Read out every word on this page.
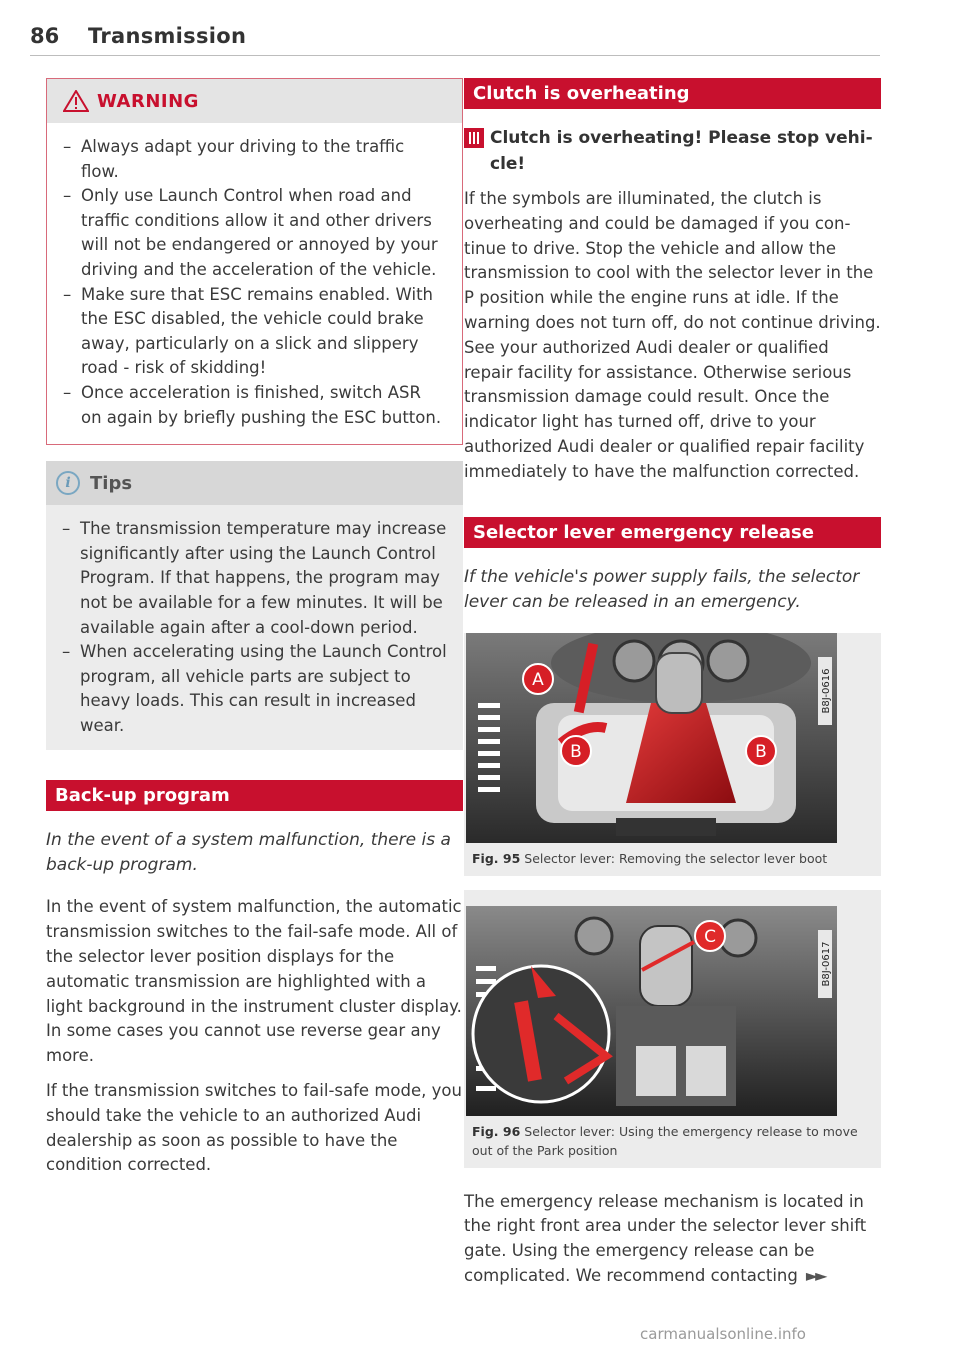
86 Transmission
WARNING
– Always adapt your driving to the traffic flow.
– Only use Launch Control when road and traffic conditions allow it and other drivers will not be endangered or annoyed by your driving and the acceleration of the vehicle.
– Make sure that ESC remains enabled. With the ESC disabled, the vehicle could brake away, particularly on a slick and slippery road - risk of skidding!
– Once acceleration is finished, switch ASR on again by briefly pushing the ESC button.
i	Tips
– The transmission temperature may increase significantly after using the Launch Control Program. If that happens, the program may not be available for a few minutes. It will be available again after a cool-down period.
– When accelerating using the Launch Control program, all vehicle parts are subject to heavy loads. This can result in increased wear.
Back-up program

In the event of a system malfunction, there is a back-up program.

In the event of system malfunction, the automatic transmission switches to the fail-safe mode. All of the selector lever position displays for the automatic transmission are highlighted with a light background in the instrument cluster display. In some cases you cannot use reverse gear any more.

If the transmission switches to fail-safe mode, you should take the vehicle to an authorized Audi dealership as soon as possible to have the condition corrected.

Clutch is overheating
Clutch is overheating! Please stop vehicle!

If the symbols are illuminated, the clutch is overheating and could be damaged if you continue to drive. Stop the vehicle and allow the transmission to cool with the selector lever in the P position while the engine runs at idle. If the warning does not turn off, do not continue driving. See your authorized Audi dealer or qualified repair facility for assistance. Otherwise serious transmission damage could result. Once the indicator light has turned off, drive to your authorized Audi dealer or qualified repair facility immediately to have the malfunction corrected.

Selector lever emergency release

If the vehicle's power supply fails, the selector lever can be released in an emergency.

A
B	B
B8J-0616

Fig. 95 Selector lever: Removing the selector lever boot

C
B8J-0617

Fig. 96 Selector lever: Using the emergency release to move out of the Park position

The emergency release mechanism is located in the right front area under the selector lever shift gate. Using the emergency release can be complicated. We recommend contacting ►►

carmanualsonline.info
